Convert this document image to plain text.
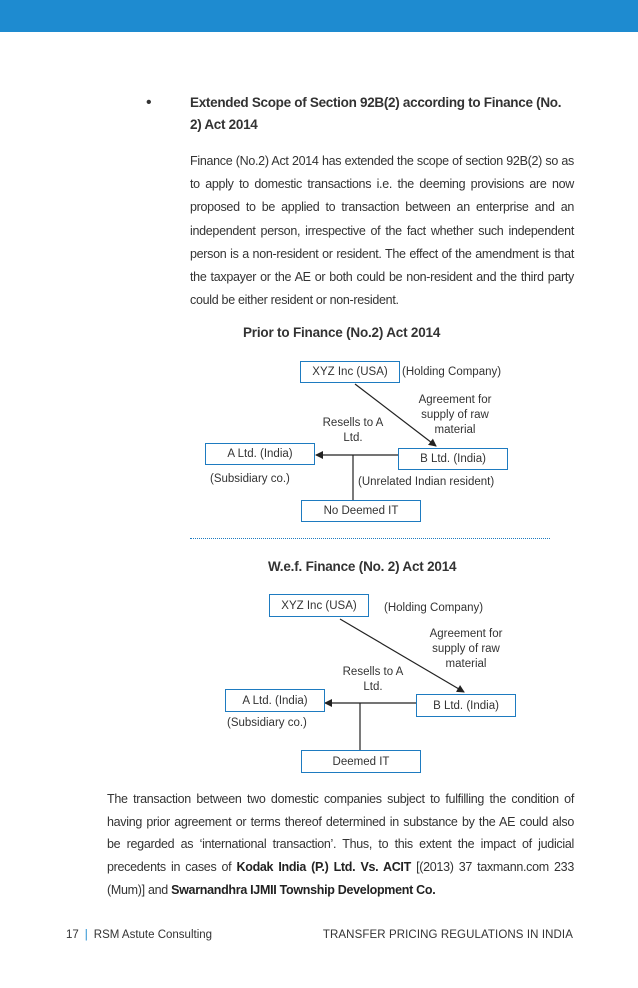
•	Extended Scope of Section 92B(2) according to Finance (No. 2) Act 2014
Finance (No.2) Act 2014 has extended the scope of section 92B(2) so as to apply to domestic transactions i.e. the deeming provisions are now proposed to be applied to transaction between an enterprise and an independent person, irrespective of the fact whether such independent person is a non-resident or resident. The effect of the amendment is that the taxpayer or the AE or both could be non-resident and the third party could be either resident or non-resident.
Prior to Finance (No.2) Act 2014
XYZ Inc (USA)	(Holding Company)
Agreement for supply of raw material
Resells to A Ltd.
A Ltd. (India)	B Ltd. (India)
(Subsidiary co.)	(Unrelated Indian resident)
No Deemed IT
W.e.f. Finance (No. 2) Act 2014
XYZ Inc (USA)	(Holding Company)
Agreement for supply of raw material
Resells to A Ltd.
A Ltd. (India)	B Ltd. (India)
(Subsidiary co.)
Deemed IT
The transaction between two domestic companies subject to fulfilling the condition of having prior agreement or terms thereof determined in substance by the AE could also be regarded as ‘international transaction’. Thus, to this extent the impact of judicial precedents in cases of Kodak India (P.) Ltd. Vs. ACIT [(2013) 37 taxmann.com 233 (Mum)] and Swarnandhra IJMII Township Development Co.
17 | RSM Astute Consulting	TRANSFER PRICING REGULATIONS IN INDIA
